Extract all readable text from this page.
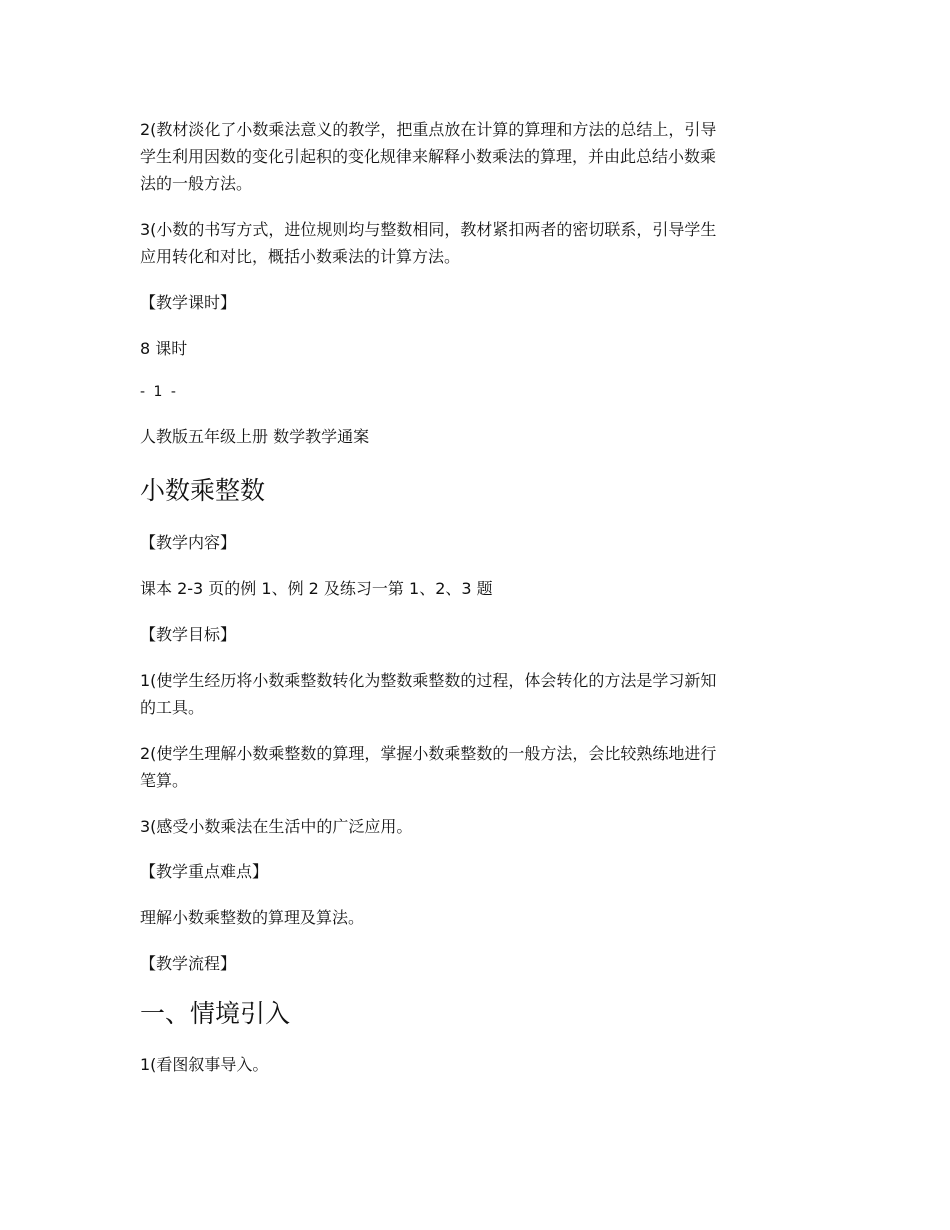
2(教材淡化了小数乘法意义的教学，把重点放在计算的算理和方法的总结上，引导
学生利用因数的变化引起积的变化规律来解释小数乘法的算理，并由此总结小数乘
法的一般方法。
3(小数的书写方式，进位规则均与整数相同，教材紧扣两者的密切联系，引导学生
应用转化和对比，概括小数乘法的计算方法。
【教学课时】
8 课时
- 1 -
人教版五年级上册 数学教学通案
小数乘整数
【教学内容】
课本 2-3 页的例 1、例 2 及练习一第 1、2、3 题
【教学目标】
1(使学生经历将小数乘整数转化为整数乘整数的过程，体会转化的方法是学习新知
的工具。
2(使学生理解小数乘整数的算理，掌握小数乘整数的一般方法，会比较熟练地进行
笔算。
3(感受小数乘法在生活中的广泛应用。
【教学重点难点】
理解小数乘整数的算理及算法。
【教学流程】
一、情境引入
1(看图叙事导入。
